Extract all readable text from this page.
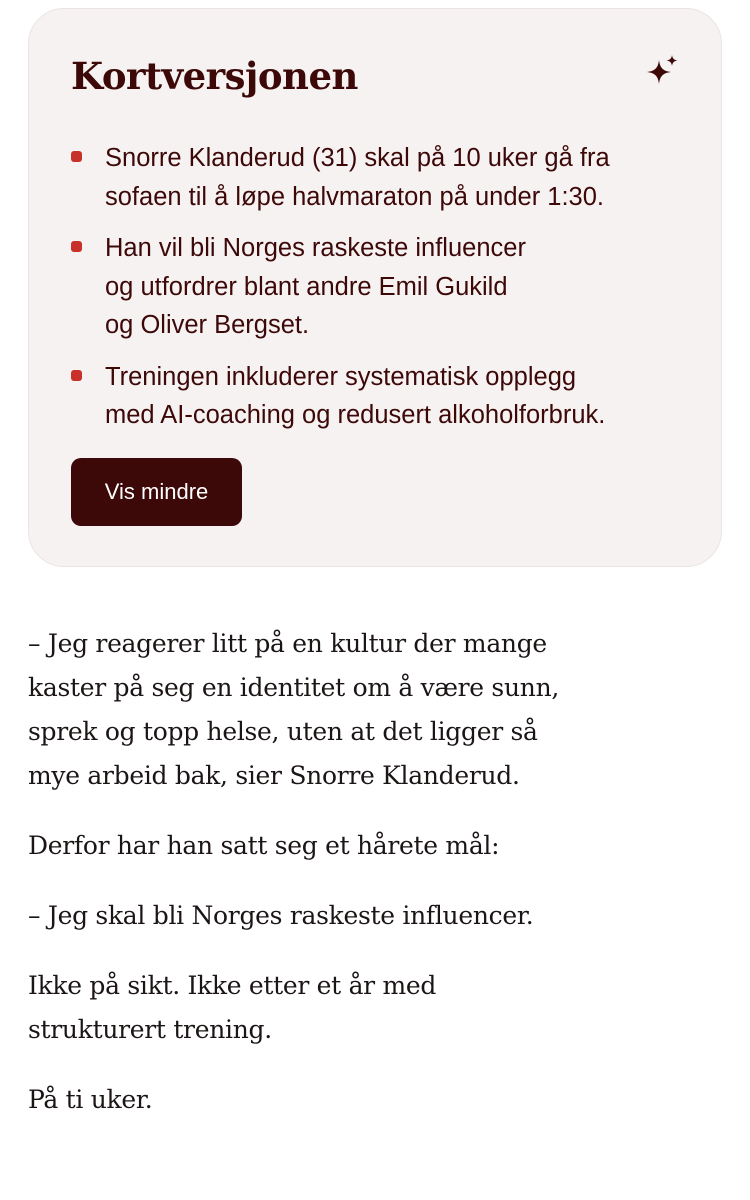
Kortversjonen
Snorre Klanderud (31) skal på 10 uker gå fra
sofaen til å løpe halvmaraton på under 1:30.
Han vil bli Norges raskeste influencer
og utfordrer blant andre Emil Gukild
og Oliver Bergset.
Treningen inkluderer systematisk opplegg
med AI-coaching og redusert alkoholforbruk.
Vis mindre

– Jeg reagerer litt på en kultur der mange
kaster på seg en identitet om å være sunn,
sprek og topp helse, uten at det ligger så
mye arbeid bak, sier Snorre Klanderud.

Derfor har han satt seg et hårete mål:

– Jeg skal bli Norges raskeste influencer.

Ikke på sikt. Ikke etter et år med
strukturert trening.

På ti uker.
